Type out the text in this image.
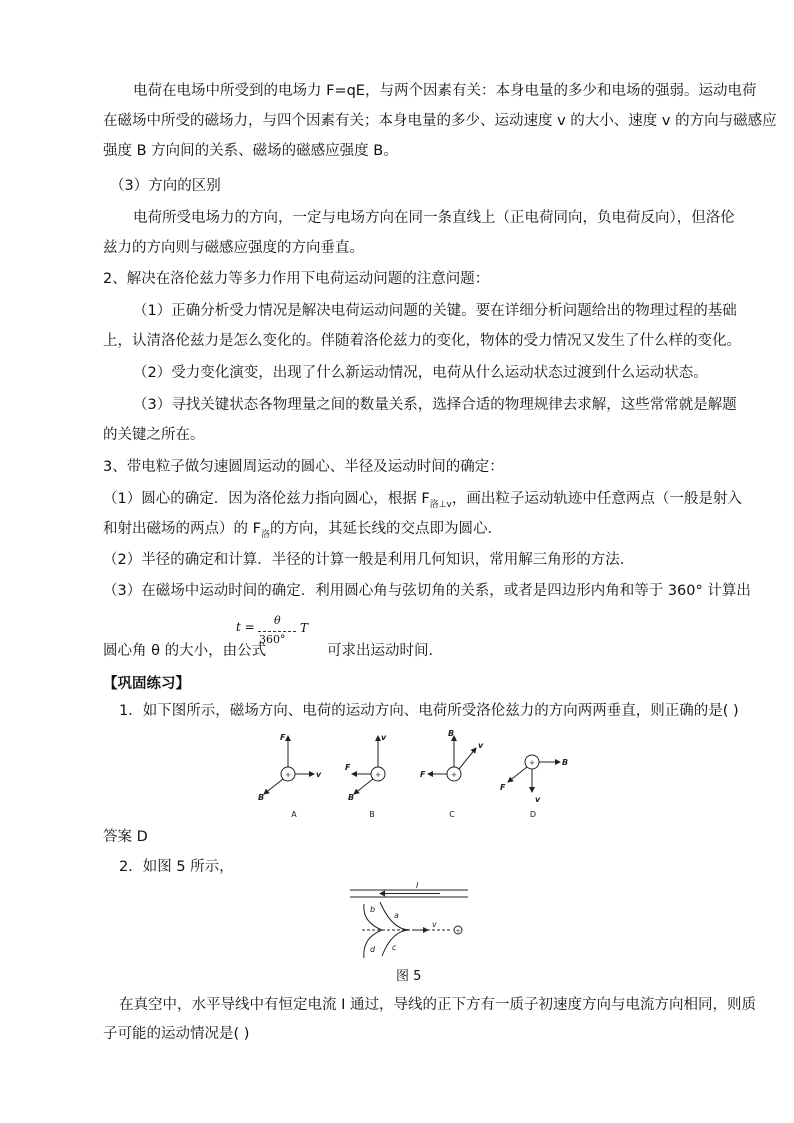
电荷在电场中所受到的电场力 F=qE，与两个因素有关：本身电量的多少和电场的强弱。运动电荷
在磁场中所受的磁场力，与四个因素有关；本身电量的多少、运动速度 v 的大小、速度 v 的方向与磁感应
强度 B 方向间的关系、磁场的磁感应强度 B。
（3）方向的区别
电荷所受电场力的方向，一定与电场方向在同一条直线上（正电荷同向，负电荷反向），但洛伦
兹力的方向则与磁感应强度的方向垂直。
2、解决在洛伦兹力等多力作用下电荷运动问题的注意问题：
（1）正确分析受力情况是解决电荷运动问题的关键。要在详细分析问题给出的物理过程的基础
上，认清洛伦兹力是怎么变化的。伴随着洛伦兹力的变化，物体的受力情况又发生了什么样的变化。
（2）受力变化演变，出现了什么新运动情况，电荷从什么运动状态过渡到什么运动状态。
（3）寻找关键状态各物理量之间的数量关系，选择合适的物理规律去求解，这些常常就是解题
的关键之所在。
3、带电粒子做匀速圆周运动的圆心、半径及运动时间的确定：
（1）圆心的确定．因为洛伦兹力指向圆心，根据 $F_{洛\perp v}$，画出粒子运动轨迹中任意两点（一般是射入
和射出磁场的两点）的 $F_洛$的方向，其延长线的交点即为圆心．
（2）半径的确定和计算．半径的计算一般是利用几何知识，常用解三角形的方法．
（3）在磁场中运动时间的确定．利用圆心角与弦切角的关系，或者是四边形内角和等于 360° 计算出
圆心角 θ 的大小，由公式
t = θ
360°
T
可求出运动时间．
【巩固练习】
1．如下图所示，磁场方向、电荷的运动方向、电荷所受洛伦兹力的方向两两垂直，则正确的是( )
+	+	+
+
F
v
B
v
F
B
B
F
v
B
v
F
A	B	C	D
答案 D
2．如图 5 所示，
+
I
a
b
c
d
v
图 5
在真空中，水平导线中有恒定电流 I 通过，导线的正下方有一质子初速度方向与电流方向相同，则质
子可能的运动情况是( )
